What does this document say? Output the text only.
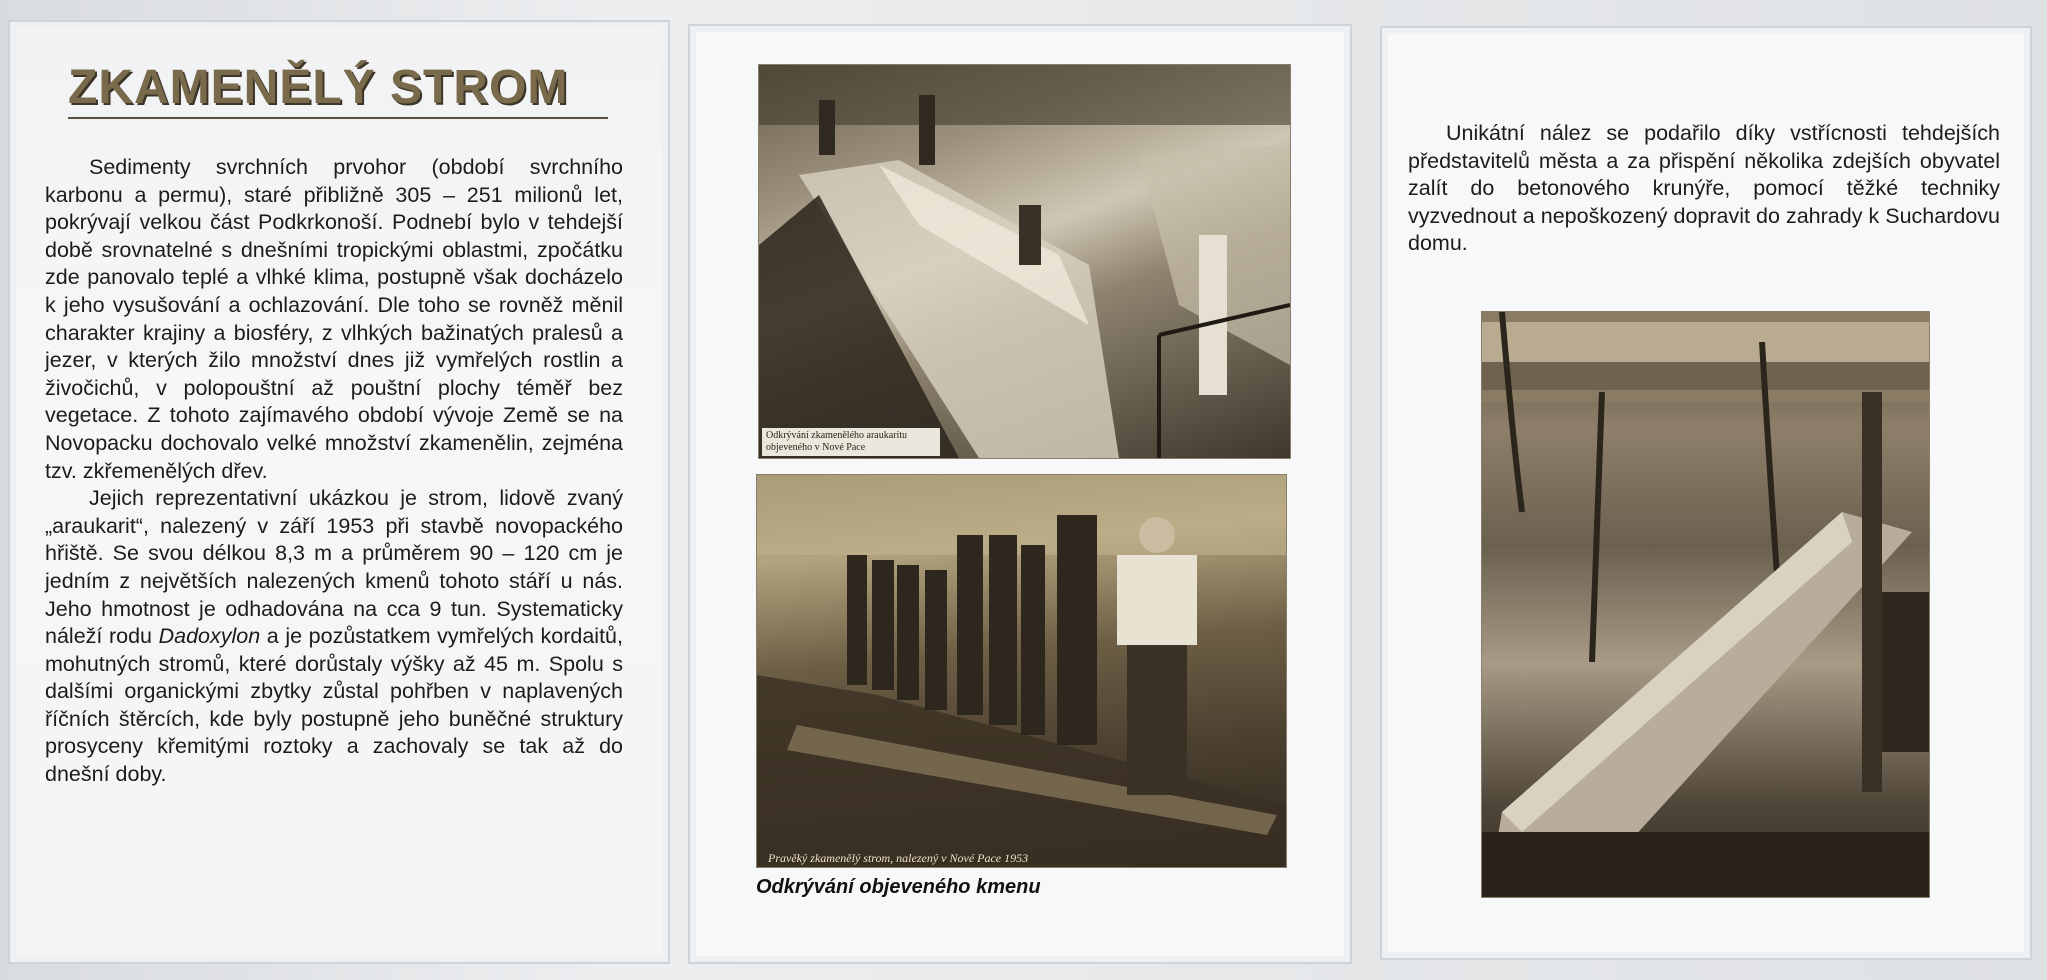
ZKAMENĚLÝ STROM

Sedimenty svrchních prvohor (období svrchního karbonu a permu), staré přibližně 305 – 251 milionů let, pokrývají velkou část Podkrkonoší. Podnebí bylo v tehdejší době srovnatelné s dnešními tropickými oblastmi, zpočátku zde panovalo teplé a vlhké klima, postupně však docházelo k jeho vysušování a ochlazování. Dle toho se rovněž měnil charakter krajiny a biosféry, z vlhkých bažinatých pralesů a jezer, v kterých žilo množství dnes již vymřelých rostlin a živočichů, v polopouštní až pouštní plochy téměř bez vegetace. Z tohoto zajímavého období vývoje Země se na Novopacku dochovalo velké množství zkamenělin, zejména tzv. zkřemenělých dřev.

Jejich reprezentativní ukázkou je strom, lidově zvaný „araukarit“, nalezený v září 1953 při stavbě novopackého hřiště. Se svou délkou 8,3 m a průměrem 90 – 120 cm je jedním z největších nalezených kmenů tohoto stáří u nás. Jeho hmotnost je odhadována na cca 9 tun. Systematicky náleží rodu Dadoxylon a je pozůstatkem vymřelých kordaitů, mohutných stromů, které dorůstaly výšky až 45 m. Spolu s dalšími organickými zbytky zůstal pohřben v naplavených říčních štěrcích, kde byly postupně jeho buněčné struktury prosyceny křemitými roztoky a zachovaly se tak až do dnešní doby.

Odkrývání zkamenělého araukaritu objeveného v Nové Pace
Pravěký zkamenělý strom, nalezený v Nové Pace 1953
Odkrývání objeveného kmenu

Unikátní nález se podařilo díky vstřícnosti tehdejších představitelů města a za přispění několika zdejších obyvatel zalít do betonového krunýře, pomocí těžké techniky vyzvednout a nepoškozený dopravit do zahrady k Suchardovu domu.
